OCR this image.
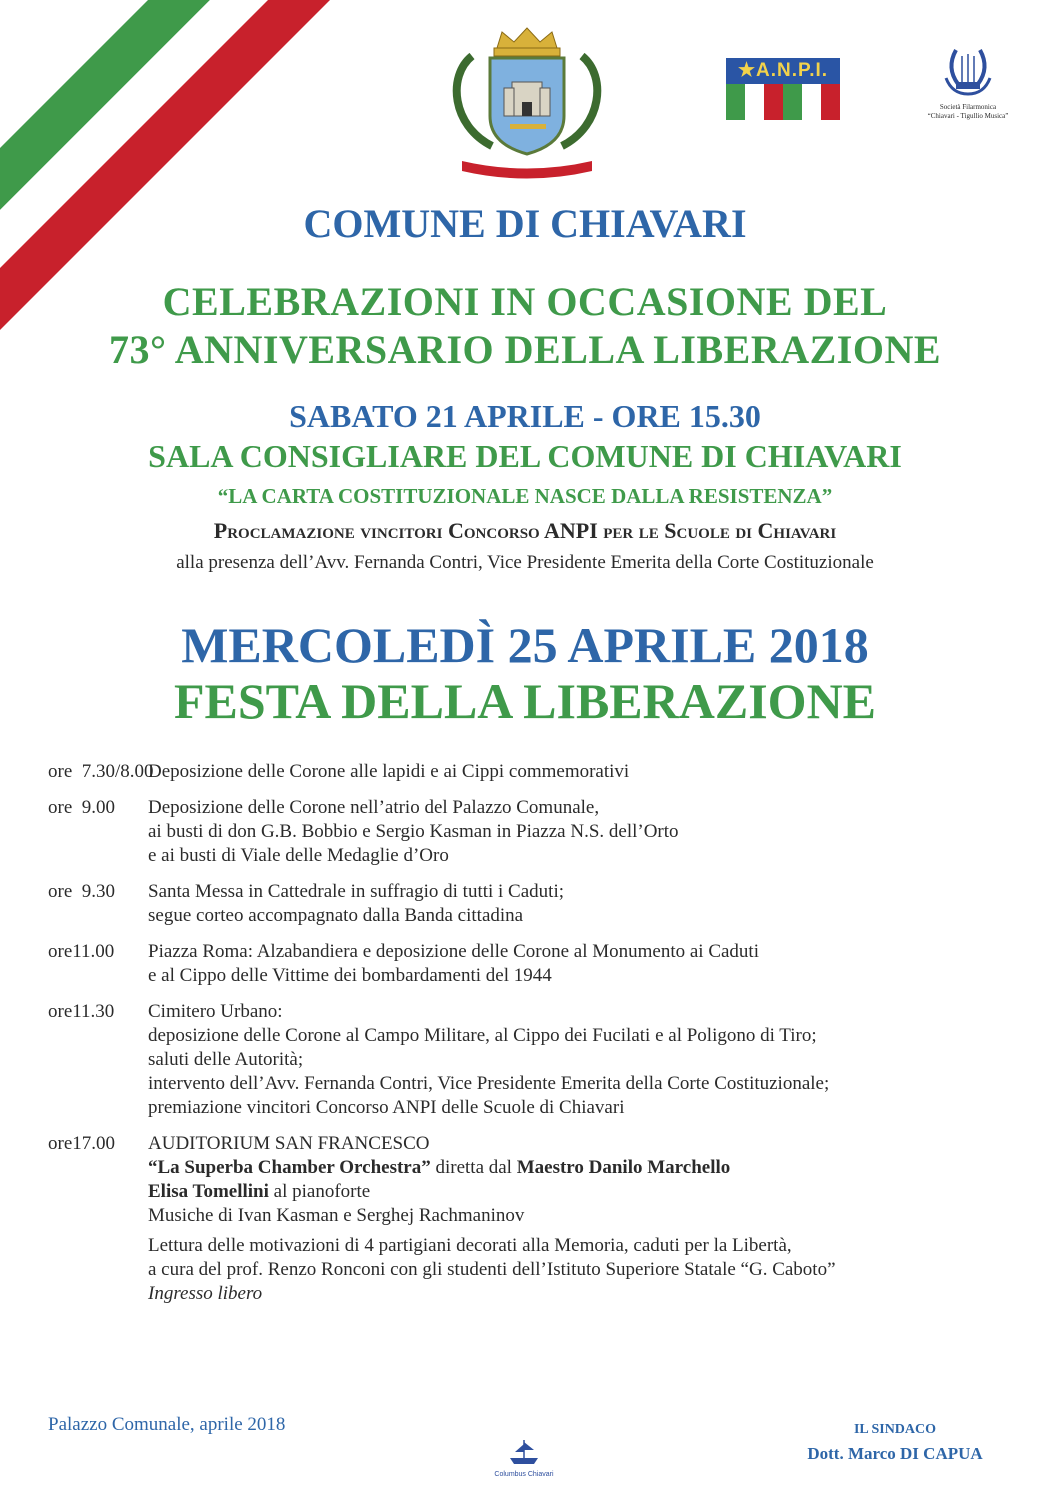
★A.N.P.I.
Società Filarmonica
“Chiavari - Tigullio Musica”
COMUNE DI CHIAVARI
CELEBRAZIONI IN OCCASIONE DEL
73° ANNIVERSARIO DELLA LIBERAZIONE
SABATO 21 APRILE - ORE 15.30
SALA CONSIGLIARE DEL COMUNE DI CHIAVARI
“LA CARTA COSTITUZIONALE NASCE DALLA RESISTENZA”
Proclamazione vincitori Concorso ANPI per le Scuole di Chiavari
alla presenza dell’Avv. Fernanda Contri, Vice Presidente Emerita della Corte Costituzionale
MERCOLEDÌ 25 APRILE 2018
FESTA DELLA LIBERAZIONE
ore  7.30/8.00
Deposizione delle Corone alle lapidi e ai Cippi commemorativi
ore  9.00	Deposizione delle Corone nell’atrio del Palazzo Comunale,
ai busti di don G.B. Bobbio e Sergio Kasman in Piazza N.S. dell’Orto
e ai busti di Viale delle Medaglie d’Oro
ore  9.30	Santa Messa in Cattedrale in suffragio di tutti i Caduti;
segue corteo accompagnato dalla Banda cittadina
ore11.00	Piazza Roma: Alzabandiera e deposizione delle Corone al Monumento ai Caduti
e al Cippo delle Vittime dei bombardamenti del 1944
ore11.30	Cimitero Urbano:
deposizione delle Corone al Campo Militare, al Cippo dei Fucilati e al Poligono di Tiro;
saluti delle Autorità;
intervento dell’Avv. Fernanda Contri, Vice Presidente Emerita della Corte Costituzionale;
premiazione vincitori Concorso ANPI delle Scuole di Chiavari
ore17.00	AUDITORIUM SAN FRANCESCO
“La Superba Chamber Orchestra” diretta dal Maestro Danilo Marchello
Elisa Tomellini al pianoforte
Musiche di Ivan Kasman e Serghej Rachmaninov
Lettura delle motivazioni di 4 partigiani decorati alla Memoria, caduti per la Libertà,
a cura del prof. Renzo Ronconi con gli studenti dell’Istituto Superiore Statale “G. Caboto”
Ingresso libero
Palazzo Comunale, aprile 2018
Columbus Chiavari
IL SINDACO
Dott. Marco DI CAPUA
